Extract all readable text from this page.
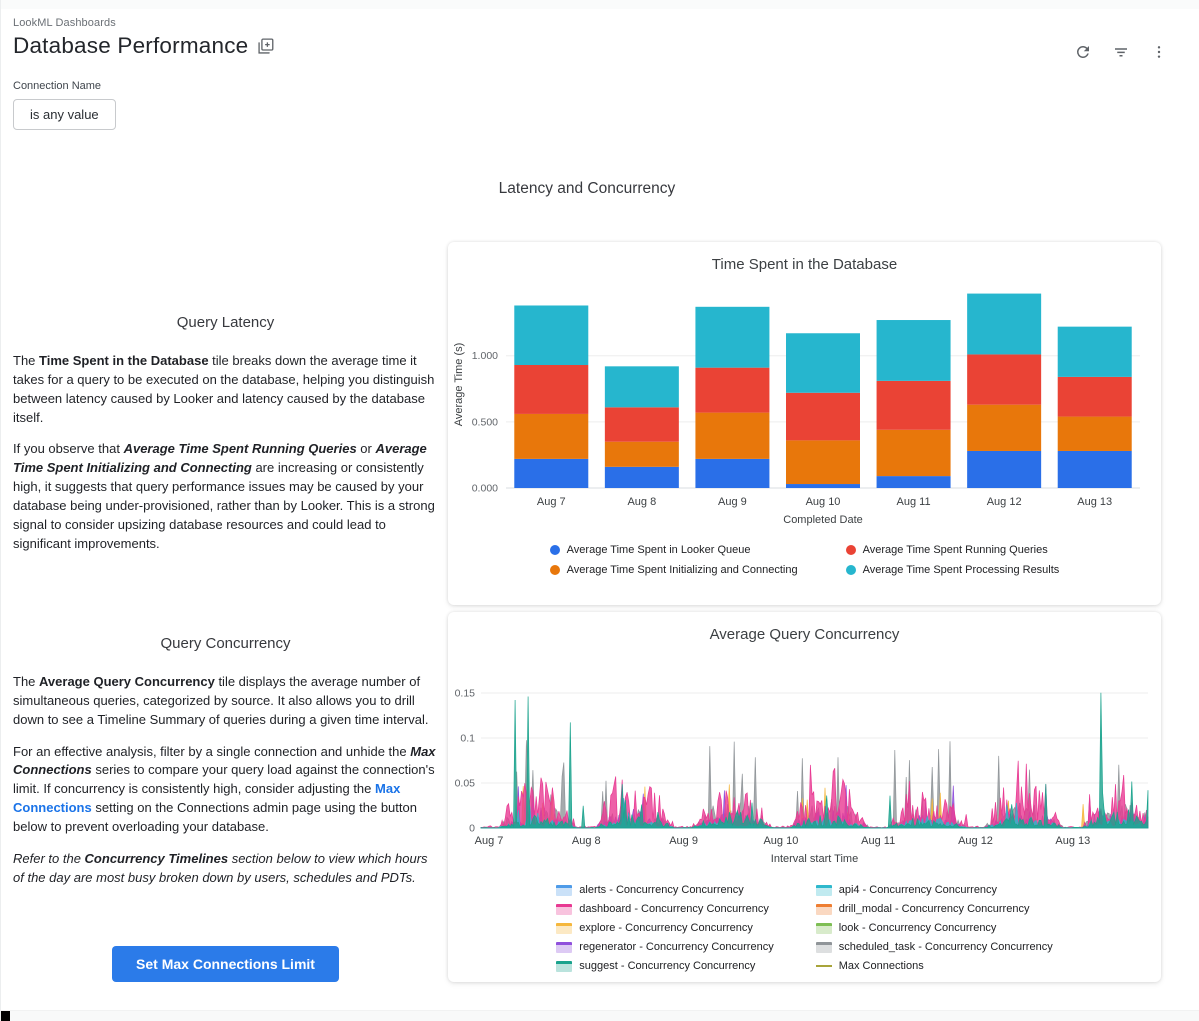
LookML Dashboards
Database Performance
Connection Name
is any value
Latency and Concurrency
Query Latency

The Time Spent in the Database tile breaks down the average time it takes for a query to be executed on the database, helping you distinguish between latency caused by Looker and latency caused by the database itself.

If you observe that Average Time Spent Running Queries or Average Time Spent Initializing and Connecting are increasing or consistently high, it suggests that query performance issues may be caused by your database being under-provisioned, rather than by Looker. This is a strong signal to consider upsizing database resources and could lead to significant improvements.

Time Spent in the Database
0.000
0.500
1.000
Aug 7	Aug 8	Aug 9	Aug 10	Aug 11	Aug 12	Aug 13
Completed Date
Average Time (s)
Average Time Spent in Looker Queue	Average Time Spent Running Queries
Average Time Spent Initializing and Connecting	Average Time Spent Processing Results
Query Concurrency

The Average Query Concurrency tile displays the average number of simultaneous queries, categorized by source. It also allows you to drill down to see a Timeline Summary of queries during a given time interval.

For an effective analysis, filter by a single connection and unhide the Max Connections series to compare your query load against the connection's limit. If concurrency is consistently high, consider adjusting the Max Connections setting on the Connections admin page using the button below to prevent overloading your database.

Refer to the Concurrency Timelines section below to view which hours of the day are most busy broken down by users, schedules and PDTs.

Set Max Connections Limit
Average Query Concurrency
0
0.05
0.1
0.15
Aug 7	Aug 8	Aug 9	Aug 10	Aug 11	Aug 12	Aug 13
Interval start Time
alerts - Concurrency Concurrency	api4 - Concurrency Concurrency
dashboard - Concurrency Concurrency	drill_modal - Concurrency Concurrency
explore - Concurrency Concurrency	look - Concurrency Concurrency
regenerator - Concurrency Concurrency	scheduled_task - Concurrency Concurrency
suggest - Concurrency Concurrency	Max Connections
